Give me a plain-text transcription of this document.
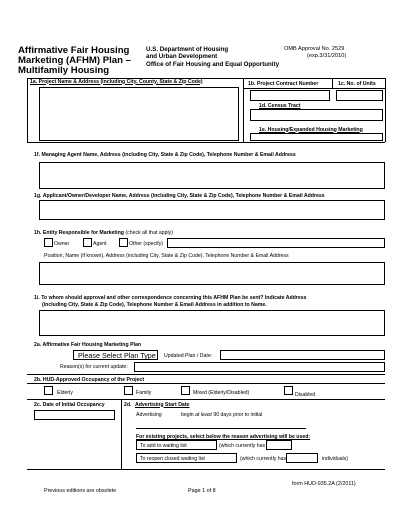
Affirmative Fair Housing
Marketing (AFHM) Plan –
Multifamily Housing
U.S. Department of Housing
and Urban Development
Office of Fair Housing and Equal Opportunity
OMB Approval No. 2529
(exp.3/31/2010)
1a. Project Name & Address (including City, County, State & Zip Code)	1b. Project Contract Number	1c. No. of Units
1d. Census Tract
1e. Housing/Expanded Housing Marketing
1f. Managing Agent Name, Address (including City, State & Zip Code), Telephone Number & Email Address
1g. Applicant/Owner/Developer Name, Address (including City, State & Zip Code), Telephone Number & Email Address
1h. Entity Responsible for Marketing (check all that apply)
Owner	Agent	Other (specify)
Position, Name (if known), Address (including City, State & Zip Code), Telephone Number & Email Address
1i. To whom should approval and other correspondence concerning this AFHM Plan be sent? Indicate Address
(including City, State & Zip Code), Telephone Number & Email Address in addition to Name.
2a. Affirmative Fair Housing Marketing Plan
Please Select Plan Type Updated Plan / Date:
Reason(s) for current update:
2b. HUD-Approved Occupancy of the Project
Elderly	Family	Mixed (Elderly/Disabled)	Disabled
2c. Date of Initial Occupancy	2d. Advertising Start Date
Advertising	begin at least 90 days prior to initial
For existing projects, select below the reason advertising will be used:
To add to waiting list	(which currently has
To reopen closed waiting list	(which currently has	individuals)
Previous editions are obsolete	Page 1 of 8
form HUD-935.2A (2/2011)
